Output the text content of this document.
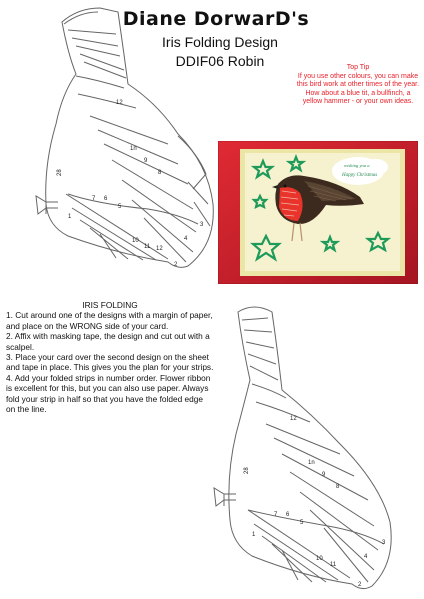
Diane DorwarD's
Iris Folding Design
DDIF06 Robin	Top Tip
If you use other colours, you can make this bird work at other times of the year. How about a blue tit, a bullfinch, a yellow hammer - or your own ideas.
wishing you a
Happy Christmas
12
1n
9
8
28
7 6
5
4
3
2
1
10
11 12
IRIS FOLDING

1. Cut around one of the designs with a margin of paper, and place on the WRONG side of your card.

2. Affix with masking tape, the design and cut out with a scalpel.

3. Place your card over the second design on the sheet and tape in place. This gives you the plan for your strips.

4. Add your folded strips in number order. Flower ribbon is excellent for this, but you can also use paper. Always fold your strip in half so that you have the folded edge on the line.

12
1n
9
8
28
7 6
5
4
3
2
1
10
11
